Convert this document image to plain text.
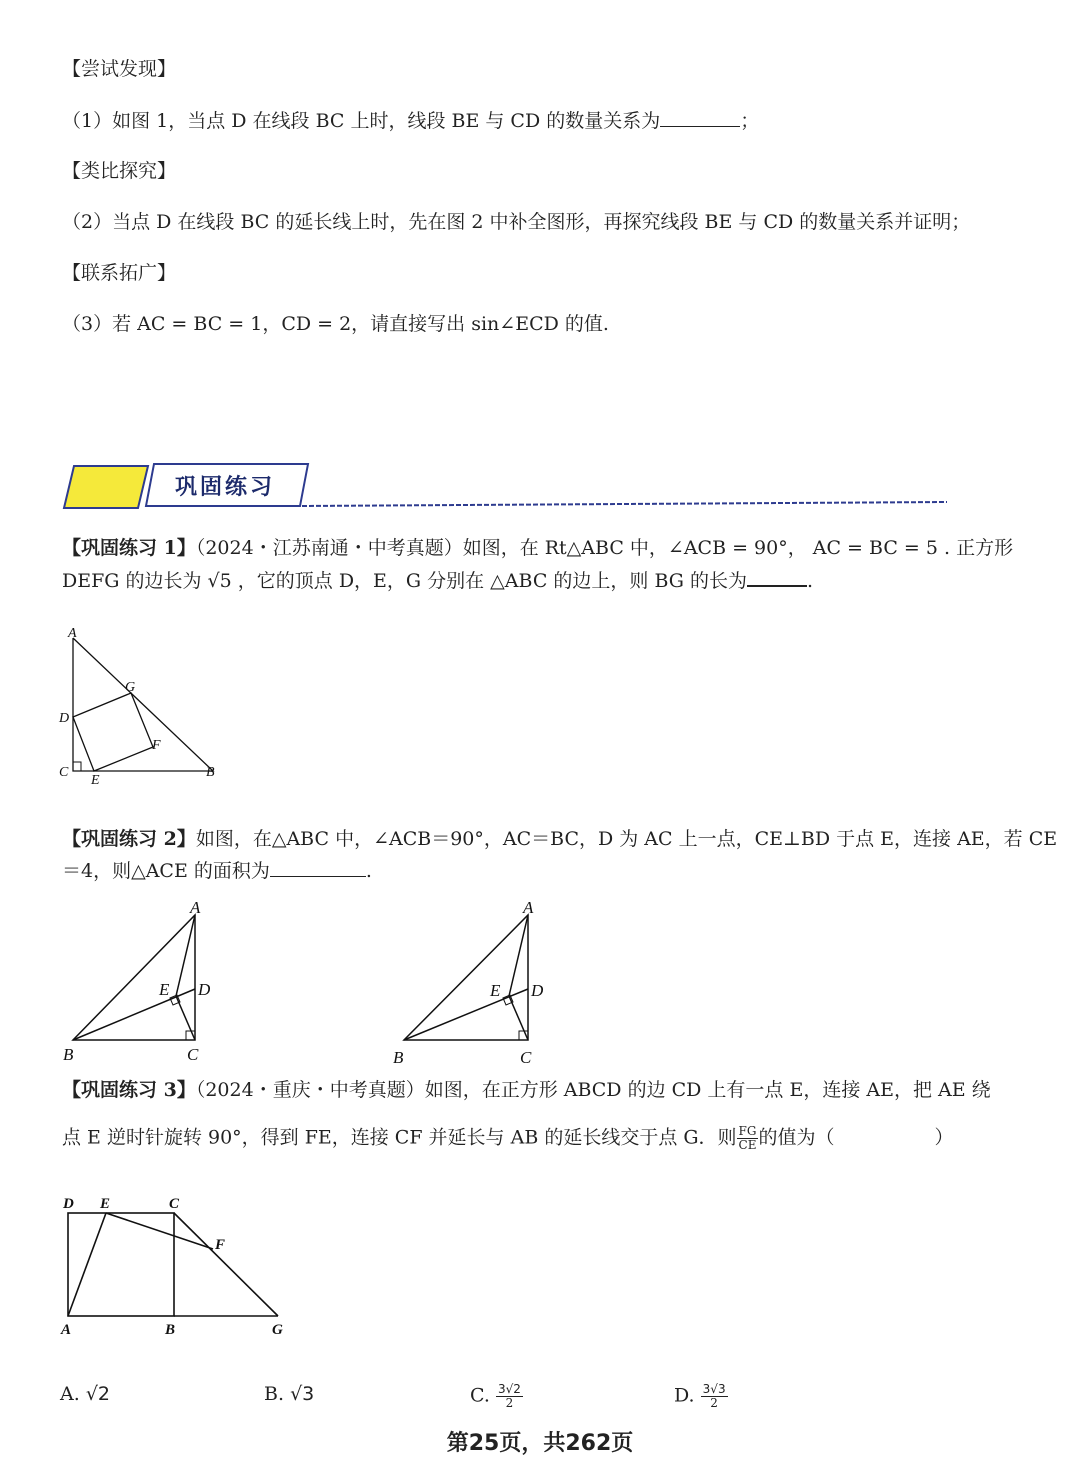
【尝试发现】
（1）如图 1，当点 D 在线段 BC 上时，线段 BE 与 CD 的数量关系为	；
【类比探究】
（2）当点 D 在线段 BC 的延长线上时，先在图 2 中补全图形，再探究线段 BE 与 CD 的数量关系并证明；
【联系拓广】
（3）若 AC = BC = 1，CD = 2，请直接写出 sin∠ECD 的值.
巩固练习
【巩固练习 1】（2024・江苏南通・中考真题）如图，在 Rt△ABC 中，∠ACB = 90°， AC = BC = 5 . 正方形
DEFG 的边长为 √5 ，它的顶点 D，E，G 分别在 △ABC 的边上，则 BG 的长为	.
A
G
D
F
C
E
B
【巩固练习 2】如图，在△ABC 中，∠ACB＝90°，AC＝BC，D 为 AC 上一点，CE⊥BD 于点 E，连接 AE，若 CE
＝4，则△ACE 的面积为	.
A
E D
B	C
A
E D
B	C
【巩固练习 3】（2024・重庆・中考真题）如图，在正方形 ABCD 的边 CD 上有一点 E，连接 AE，把 AE 绕
点 E 逆时针旋转 90°，得到 FE，连接 CF 并延长与 AB 的延长线交于点 G．则 $\frac{FG}{CE}$ 的值为（	）
D E	C
F
A	B	G
A. √2	B. √3	C. $\frac{3√2}{2}$	D. $\frac{3√3}{2}$
第25页，共262页
